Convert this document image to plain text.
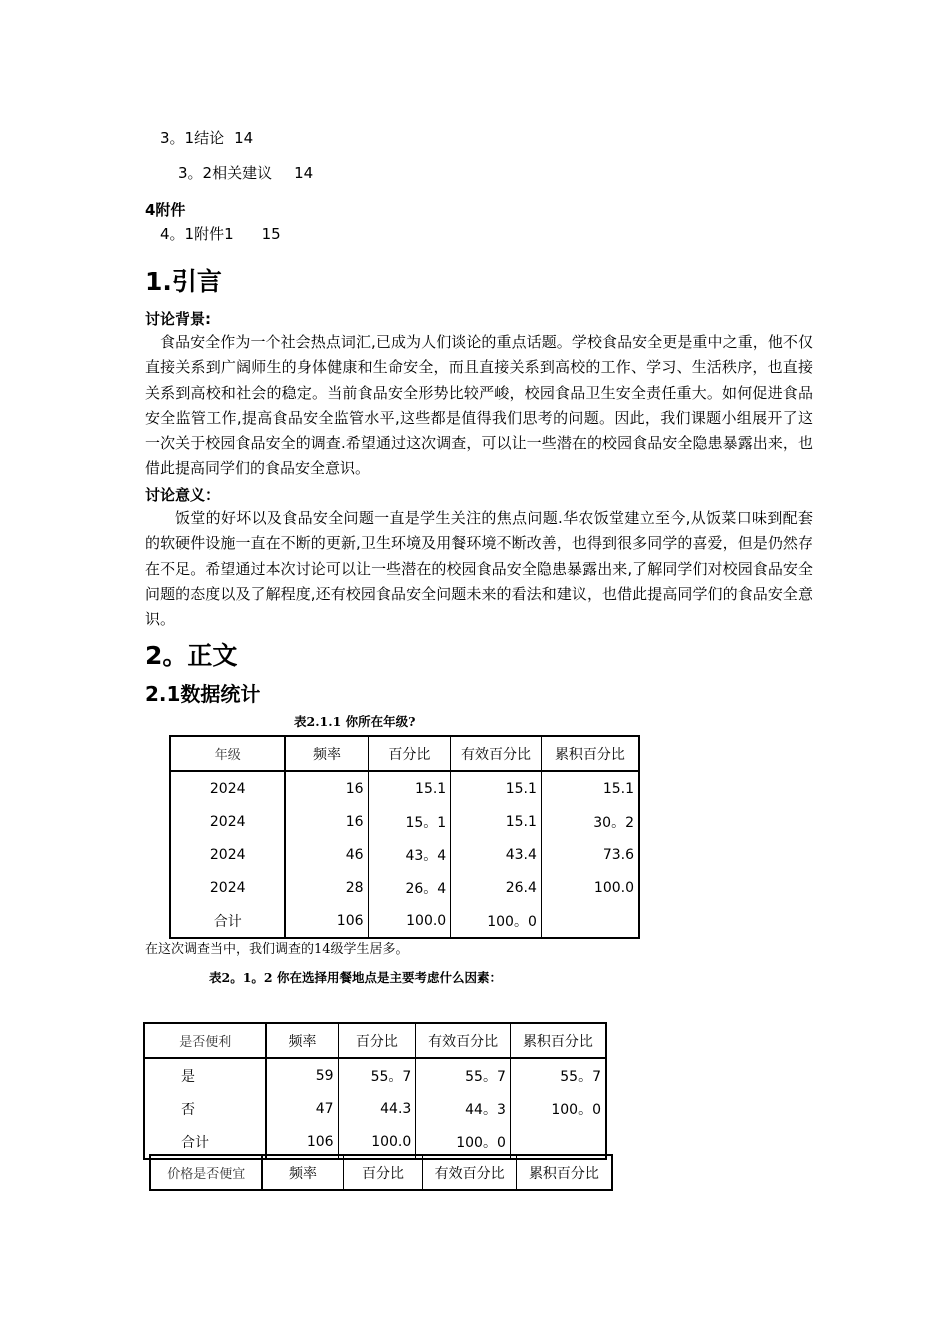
3。1结论 14
3。2相关建议 14
4附件
4。1附件1 15
1.引言
讨论背景:
食品安全作为一个社会热点词汇,已成为人们谈论的重点话题。学校食品安全更是重中之重，他不仅直接关系到广阔师生的身体健康和生命安全，而且直接关系到高校的工作、学习、生活秩序，也直接关系到高校和社会的稳定。当前食品安全形势比较严峻，校园食品卫生安全责任重大。如何促进食品安全监管工作,提高食品安全监管水平,这些都是值得我们思考的问题。因此，我们课题小组展开了这一次关于校园食品安全的调查.希望通过这次调查，可以让一些潜在的校园食品安全隐患暴露出来，也借此提高同学们的食品安全意识。
讨论意义：
饭堂的好坏以及食品安全问题一直是学生关注的焦点问题.华农饭堂建立至今,从饭菜口味到配套的软硬件设施一直在不断的更新,卫生环境及用餐环境不断改善，也得到很多同学的喜爱，但是仍然存在不足。希望通过本次讨论可以让一些潜在的校园食品安全隐患暴露出来,了解同学们对校园食品安全问题的态度以及了解程度,还有校园食品安全问题未来的看法和建议，也借此提高同学们的食品安全意识。
2。正文
2.1数据统计
表2.1.1 你所在年级?
年级	频率	百分比	有效百分比	累积百分比
2024	16	15.1	15.1	15.1
2024	16	15。1	15.1	30。2
2024	46	43。4	43.4	73.6
2024	28	26。4	26.4	100.0
合计	106	100.0	100。0	
在这次调查当中，我们调查的14级学生居多。
表2。1。2 你在选择用餐地点是主要考虑什么因素：
是否便利	频率	百分比	有效百分比	累积百分比
是	59	55。7	55。7	55。7
否	47	44.3	44。3	100。0
合计	106	100.0	100。0	
价格是否便宜	频率	百分比	有效百分比	累积百分比
